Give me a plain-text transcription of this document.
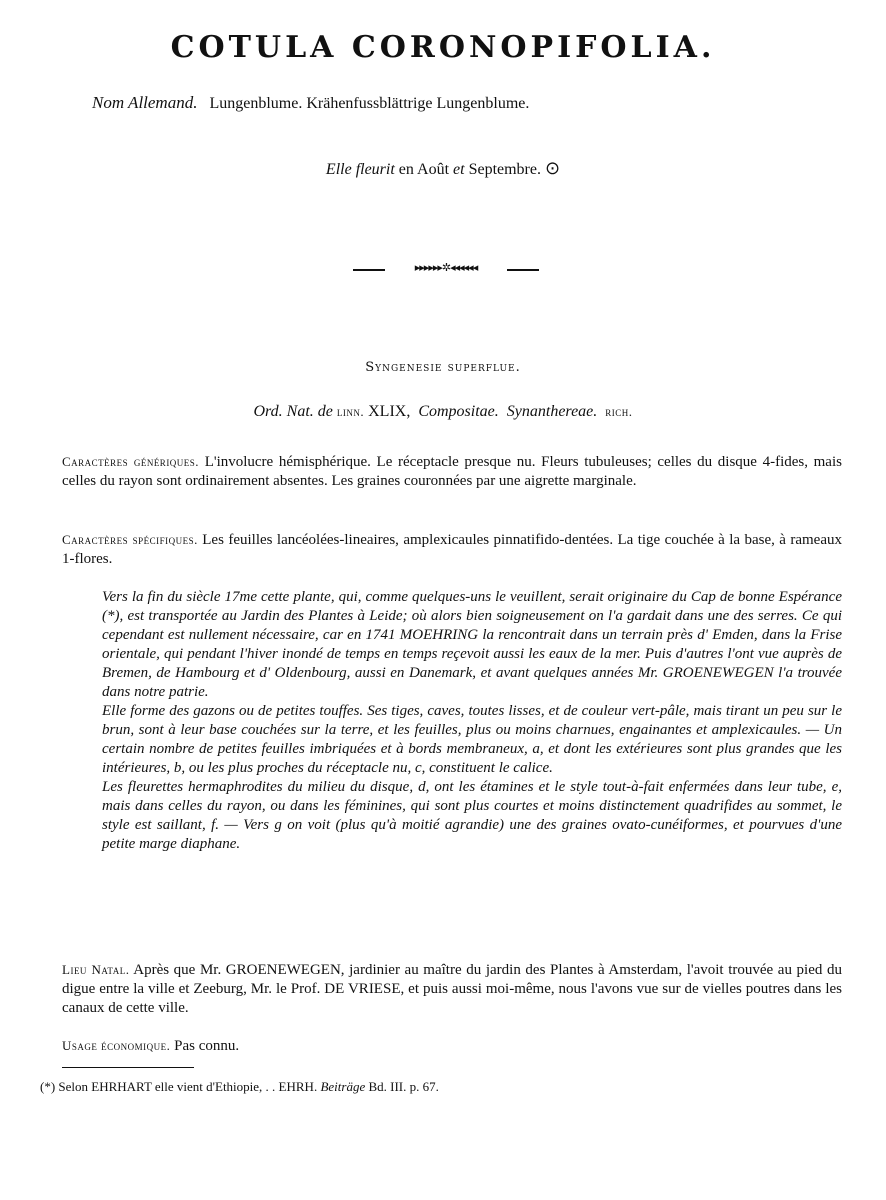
COTULA CORONOPIFOLIA.
Nom Allemand. Lungenblume. Krähenfussblättrige Lungenblume.
Elle fleurit en Août et Septembre. ⊙
▸▸▸▸▸▸✲◂◂◂◂◂◂
Syngenesie superflue.
Ord. Nat. de linn. XLIX, Compositae. Synanthereae. rich.

Caractères génériques. L'involucre hémisphérique. Le réceptacle presque nu. Fleurs tubuleuses; celles du disque 4-fides, mais celles du rayon sont ordinairement absentes. Les graines couronnées par une aigrette marginale.

Caractères spécifiques. Les feuilles lancéolées-lineaires, amplexicaules pinnatifido-dentées. La tige couchée à la base, à rameaux 1-flores.

Vers la fin du siècle 17me cette plante, qui, comme quelques-uns le veuillent, serait originaire du Cap de bonne Espérance (*), est transportée au Jardin des Plantes à Leide; où alors bien soigneusement on l'a gardait dans une des serres. Ce qui cependant est nullement nécessaire, car en 1741 MOEHRING la rencontrait dans un terrain près d' Emden, dans la Frise orientale, qui pendant l'hiver inondé de temps en temps reçevoit aussi les eaux de la mer. Puis d'autres l'ont vue auprès de Bremen, de Hambourg et d' Oldenbourg, aussi en Danemark, et avant quelques années Mr. GROENEWEGEN l'a trouvée dans notre patrie.

Elle forme des gazons ou de petites touffes. Ses tiges, caves, toutes lisses, et de couleur vert-pâle, mais tirant un peu sur le brun, sont à leur base couchées sur la terre, et les feuilles, plus ou moins charnues, engainantes et amplexicaules. — Un certain nombre de petites feuilles imbriquées et à bords membraneux, a, et dont les extérieures sont plus grandes que les intérieures, b, ou les plus proches du réceptacle nu, c, constituent le calice.

Les fleurettes hermaphrodites du milieu du disque, d, ont les étamines et le style tout-à-fait enfermées dans leur tube, e, mais dans celles du rayon, ou dans les féminines, qui sont plus courtes et moins distinctement quadrifides au sommet, le style est saillant, f. — Vers g on voit (plus qu'à moitié agrandie) une des graines ovato-cunéiformes, et pourvues d'une petite marge diaphane.

Lieu Natal. Après que Mr. GROENEWEGEN, jardinier au maître du jardin des Plantes à Amsterdam, l'avoit trouvée au pied du digue entre la ville et Zeeburg, Mr. le Prof. DE VRIESE, et puis aussi moi-même, nous l'avons vue sur de vielles poutres dans les canaux de cette ville.

Usage économique. Pas connu.

(*) Selon EHRHART elle vient d'Ethiopie, . . EHRH. Beiträge Bd. III. p. 67.
